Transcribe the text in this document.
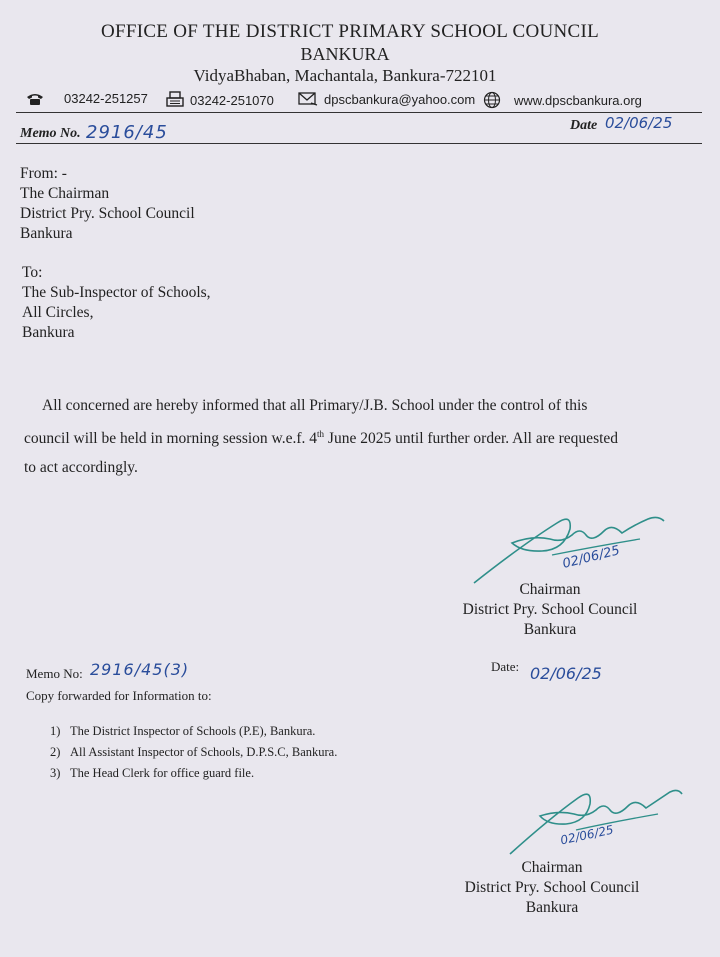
OFFICE OF THE DISTRICT PRIMARY SCHOOL COUNCIL
BANKURA
VidyaBhaban, Machantala, Bankura-722101
03242-251257	03242-251070	dpscbankura@yahoo.com	www.dpscbankura.org
Memo No. 2916/45	Date 02/06/25
From: -
The Chairman
District Pry. School Council
Bankura
To:
The Sub-Inspector of Schools,
All Circles,
Bankura
All concerned are hereby informed that all Primary/J.B. School under the control of this
council will be held in morning session w.e.f. 4th June 2025 until further order. All are requested
to act accordingly.
02/06/25
Chairman
District Pry. School Council
Bankura
Memo No: 2916/45(3)	Date: 02/06/25
Copy forwarded for Information to:
1) The District Inspector of Schools (P.E), Bankura.
2) All Assistant Inspector of Schools, D.P.S.C, Bankura.
3) The Head Clerk for office guard file.
02/06/25
Chairman
District Pry. School Council
Bankura
